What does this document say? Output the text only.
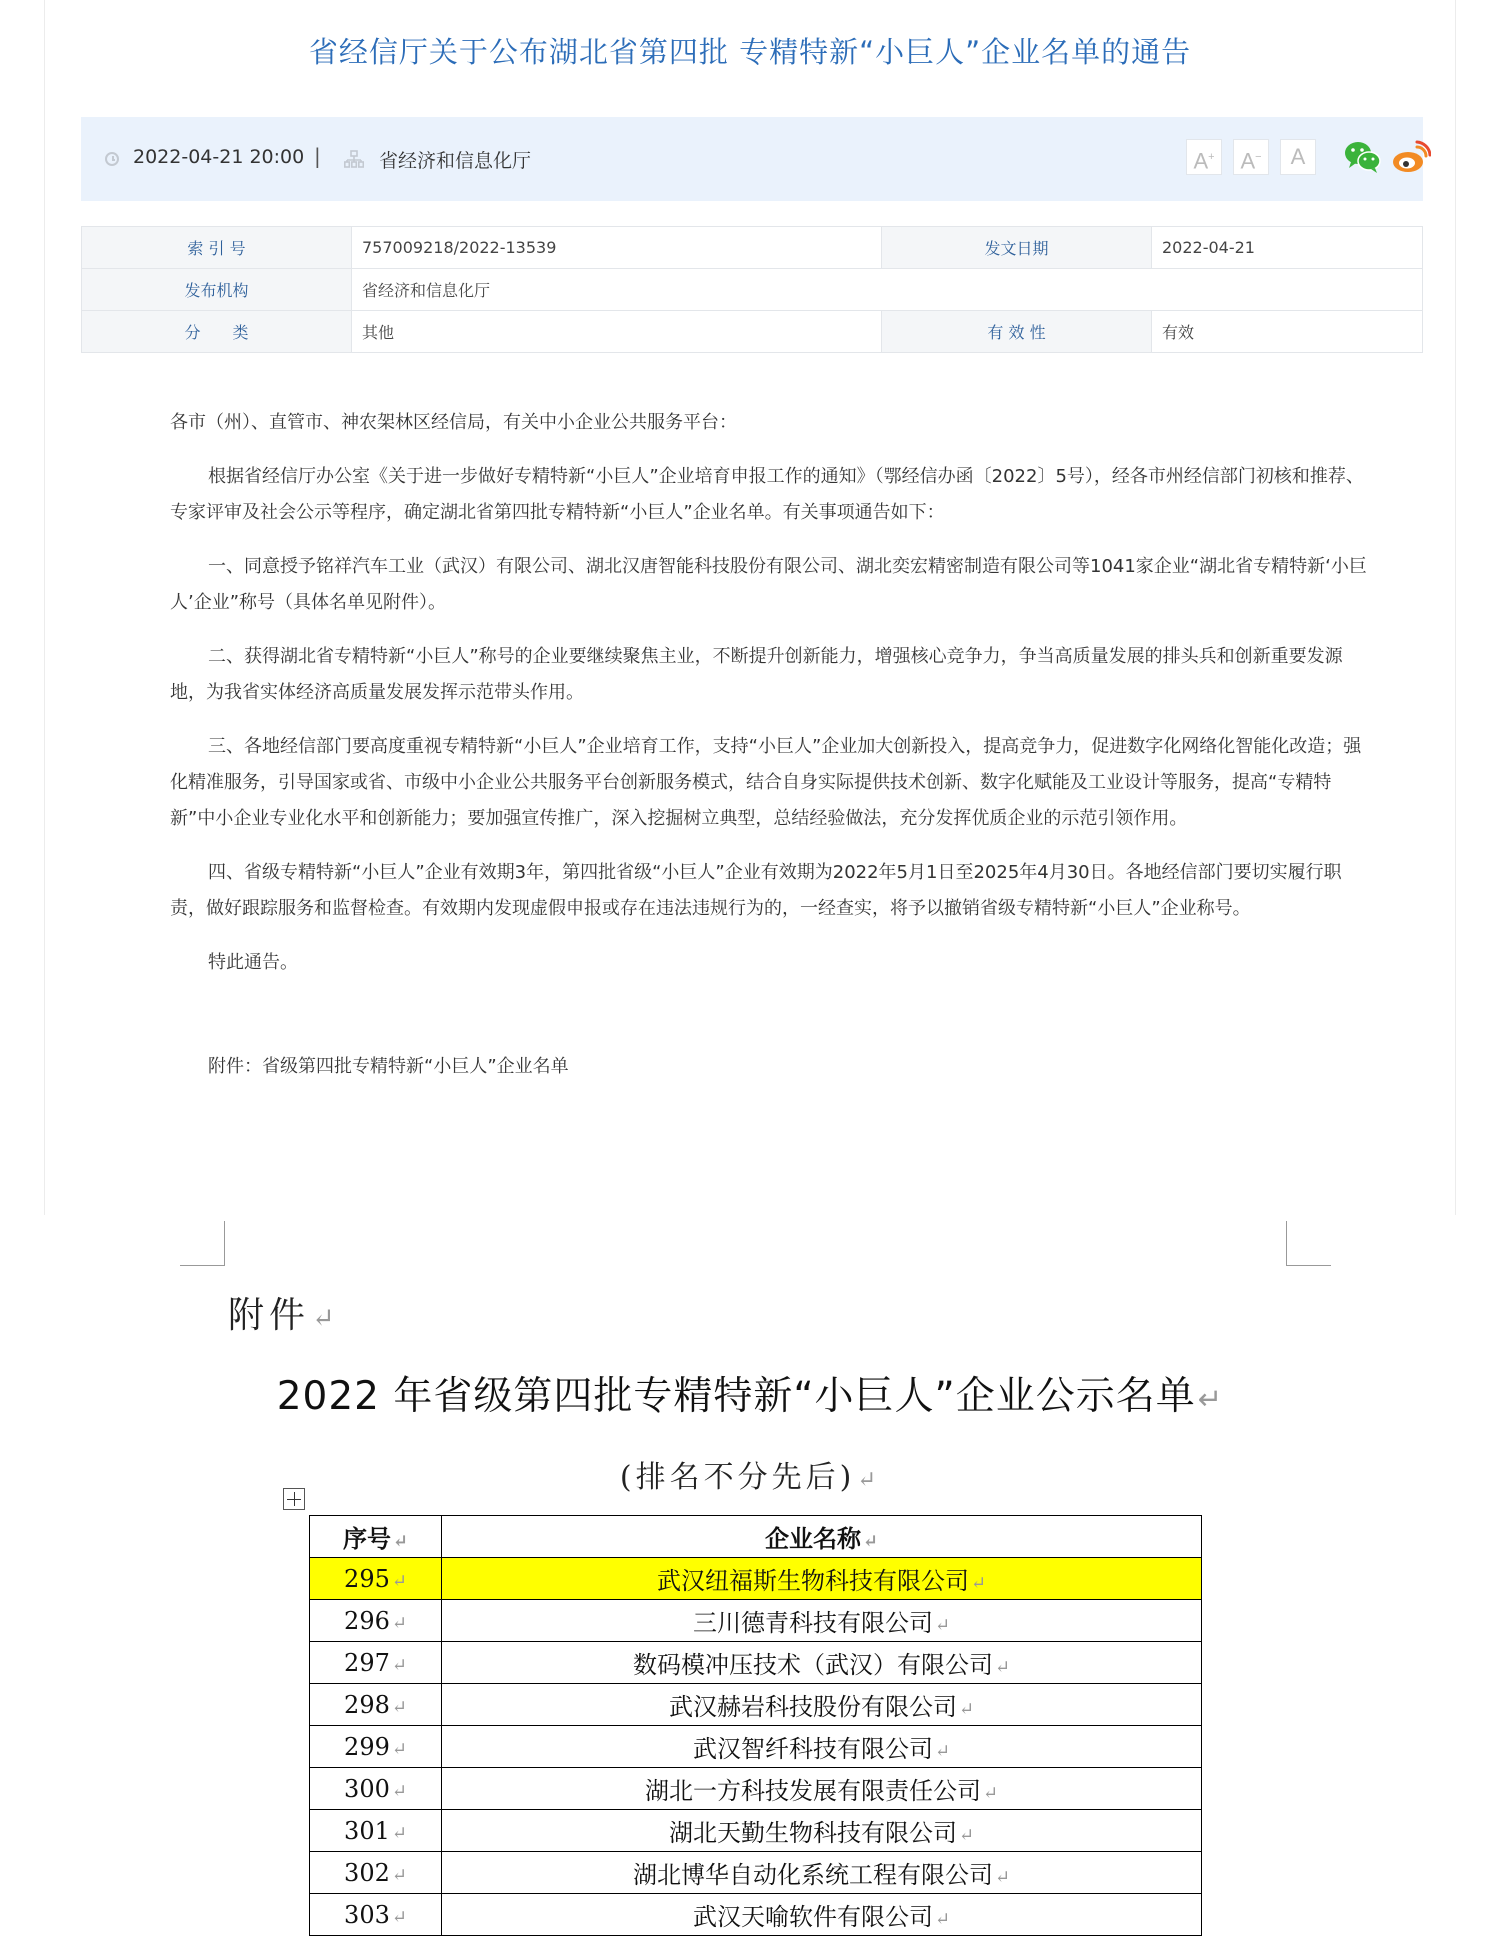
省经信厅关于公布湖北省第四批 专精特新“小巨人”企业名单的通告
2022-04-21 20:00 |	省经济和信息化厅	A+	A−	A
索 引 号	757009218/2022-13539	发文日期	2022-04-21
发布机构	省经济和信息化厅		
分　　类	其他	有 效 性	有效

各市（州）、直管市、神农架林区经信局，有关中小企业公共服务平台：

根据省经信厅办公室《关于进一步做好专精特新“小巨人”企业培育申报工作的通知》（鄂经信办函〔2022〕5号），经各市州经信部门初核和推荐、专家评审及社会公示等程序，确定湖北省第四批专精特新“小巨人”企业名单。有关事项通告如下：

一、同意授予铭祥汽车工业（武汉）有限公司、湖北汉唐智能科技股份有限公司、湖北奕宏精密制造有限公司等1041家企业“湖北省专精特新‘小巨人’企业”称号（具体名单见附件）。

二、获得湖北省专精特新“小巨人”称号的企业要继续聚焦主业，不断提升创新能力，增强核心竞争力，争当高质量发展的排头兵和创新重要发源地，为我省实体经济高质量发展发挥示范带头作用。

三、各地经信部门要高度重视专精特新“小巨人”企业培育工作，支持“小巨人”企业加大创新投入，提高竞争力，促进数字化网络化智能化改造；强化精准服务，引导国家或省、市级中小企业公共服务平台创新服务模式，结合自身实际提供技术创新、数字化赋能及工业设计等服务，提高“专精特新”中小企业专业化水平和创新能力；要加强宣传推广，深入挖掘树立典型，总结经验做法，充分发挥优质企业的示范引领作用。

四、省级专精特新“小巨人”企业有效期3年，第四批省级“小巨人”企业有效期为2022年5月1日至2025年4月30日。各地经信部门要切实履行职责，做好跟踪服务和监督检查。有效期内发现虚假申报或存在违法违规行为的，一经查实，将予以撤销省级专精特新“小巨人”企业称号。

特此通告。

附件：省级第四批专精特新“小巨人”企业名单

附件↵
2022 年省级第四批专精特新“小巨人”企业公示名单↵
(排名不分先后)↵
序号 ↵	企业名称 ↵
295 ↵	武汉纽福斯生物科技有限公司 ↵
296 ↵	三川德青科技有限公司 ↵
297 ↵	数码模冲压技术（武汉）有限公司 ↵
298 ↵	武汉赫岩科技股份有限公司 ↵
299 ↵	武汉智纤科技有限公司 ↵
300 ↵	湖北一方科技发展有限责任公司 ↵
301 ↵	湖北天勤生物科技有限公司 ↵
302 ↵	湖北博华自动化系统工程有限公司 ↵
303 ↵	武汉天喻软件有限公司 ↵
